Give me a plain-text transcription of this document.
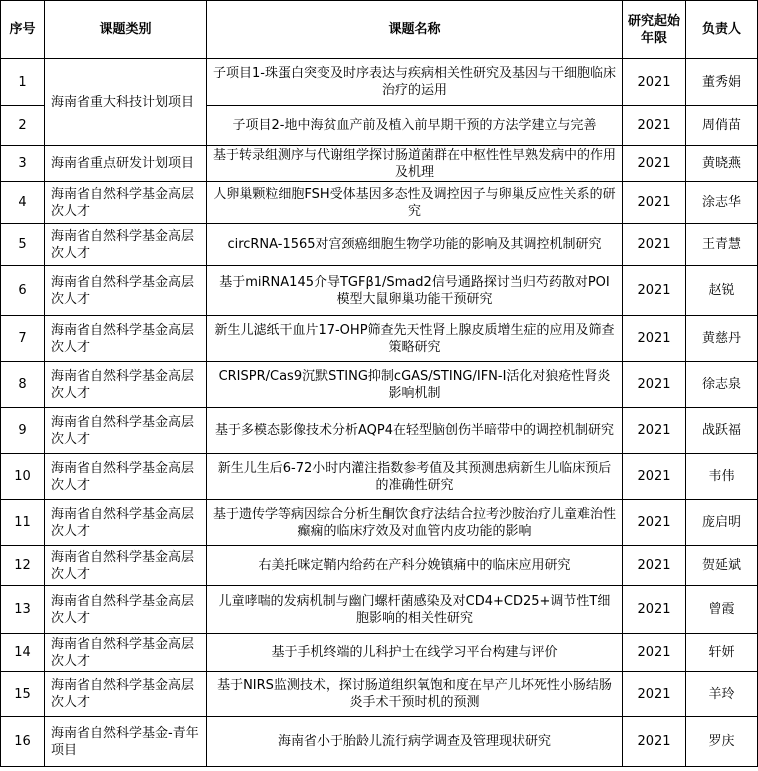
序号	课题类别	课题名称	研究起始年限	负责人
1	海南省重大科技计划项目	子项目1-珠蛋白突变及时序表达与疾病相关性研究及基因与干细胞临床治疗的运用	2021	董秀娟
2		子项目2-地中海贫血产前及植入前早期干预的方法学建立与完善	2021	周俏苗
3	海南省重点研发计划项目	基于转录组测序与代谢组学探讨肠道菌群在中枢性性早熟发病中的作用及机理	2021	黄晓燕
4	海南省自然科学基金高层次人才	人卵巢颗粒细胞FSH受体基因多态性及调控因子与卵巢反应性关系的研究	2021	涂志华
5	海南省自然科学基金高层次人才	circRNA-1565对宫颈癌细胞生物学功能的影响及其调控机制研究	2021	王青慧
6	海南省自然科学基金高层次人才	基于miRNA145介导TGFβ1/Smad2信号通路探讨当归芍药散对POI模型大鼠卵巢功能干预研究	2021	赵锐
7	海南省自然科学基金高层次人才	新生儿滤纸干血片17-OHP筛查先天性肾上腺皮质增生症的应用及筛查策略研究	2021	黄慈丹
8	海南省自然科学基金高层次人才	CRISPR/Cas9沉默STING抑制cGAS/STING/IFN-I活化对狼疮性肾炎影响机制	2021	徐志泉
9	海南省自然科学基金高层次人才	基于多模态影像技术分析AQP4在轻型脑创伤半暗带中的调控机制研究	2021	战跃福
10	海南省自然科学基金高层次人才	新生儿生后6-72小时内灌注指数参考值及其预测患病新生儿临床预后的准确性研究	2021	韦伟
11	海南省自然科学基金高层次人才	基于遗传学等病因综合分析生酮饮食疗法结合拉考沙胺治疗儿童难治性癫痫的临床疗效及对血管内皮功能的影响	2021	庞启明
12	海南省自然科学基金高层次人才	右美托咪定鞘内给药在产科分娩镇痛中的临床应用研究	2021	贺延斌
13	海南省自然科学基金高层次人才	儿童哮喘的发病机制与幽门螺杆菌感染及对CD4+CD25+调节性T细胞影响的相关性研究	2021	曾霞
14	海南省自然科学基金高层次人才	基于手机终端的儿科护士在线学习平台构建与评价	2021	轩妍
15	海南省自然科学基金高层次人才	基于NIRS监测技术，探讨肠道组织氧饱和度在早产儿坏死性小肠结肠炎手术干预时机的预测	2021	羊玲
16	海南省自然科学基金-青年项目	海南省小于胎龄儿流行病学调查及管理现状研究	2021	罗庆
